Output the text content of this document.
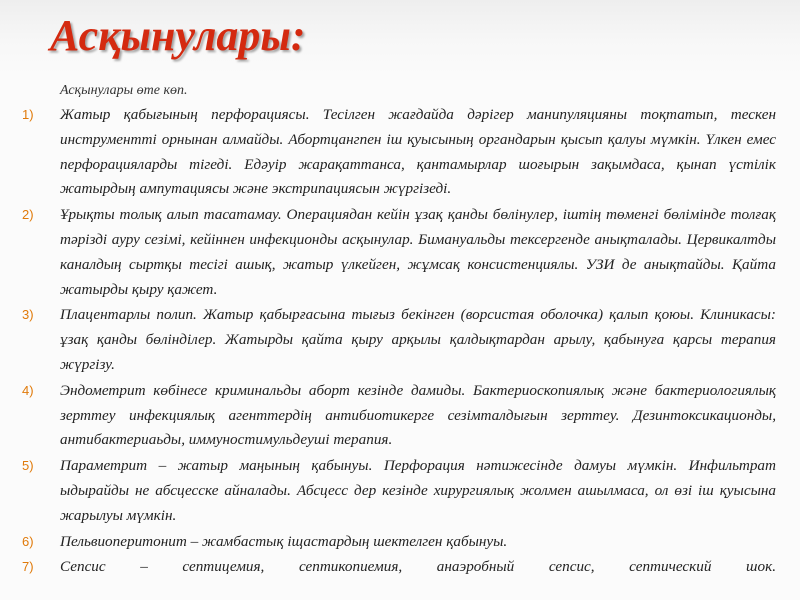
Асқынулары:

Асқынулары өте көп.

1) Жатыр қабығының перфорациясы. Тесілген жағдайда дәрігер манипуляцияны тоқтатып, тескен инструментті орнынан алмайды. Абортцангпен іш қуысының органдарын қысып қалуы мүмкін. Үлкен емес перфорацияларды тігеді. Едәуір жарақаттанса, қантамырлар шоғырын зақымдаса, қынап үстілік жатырдың ампутациясы және экстрипациясын жүргізеді.
2) Ұрықты толық алып тасатамау. Операциядан кейін ұзақ қанды бөлінулер, іштің төменгі бөлімінде толғақ тәрізді ауру сезімі, кейіннен инфекционды асқынулар. Бимануальды тексергенде анықталады. Цервикалтды каналдың сыртқы тесігі ашық, жатыр үлкейген, жұмсақ консистенциялы. УЗИ де анықтайды. Қайта жатырды қыру қажет.
3) Плацентарлы полип. Жатыр қабырғасына тығыз бекінген (ворсистая оболочка) қалып қоюы. Клиникасы: ұзақ қанды бөлінділер. Жатырды қайта қыру арқылы қалдықтардан арылу, қабынуға қарсы терапия жүргізу.
4) Эндометрит көбінесе криминальды аборт кезінде дамиды. Бактериоскопиялық және бактериологиялық зерттеу инфекциялық агенттердің антибиотикерге сезімталдығын зерттеу. Дезинтоксикационды, антибактериаьды, иммуностимульдеуші терапия.
5) Параметрит – жатыр маңының қабынуы. Перфорация нәтижесінде дамуы мүмкін. Инфильтрат ыдырайды не абсцесске айналады. Абсцесс дер кезінде хирургиялық жолмен ашылмаса, ол өзі іш қуысына жарылуы мүмкін.
6) Пельвиоперитонит – жамбастық іщастардың шектелген қабынуы.
7) Сепсис – септицемия, септикопиемия, анаэробный сепсис, септический шок.
